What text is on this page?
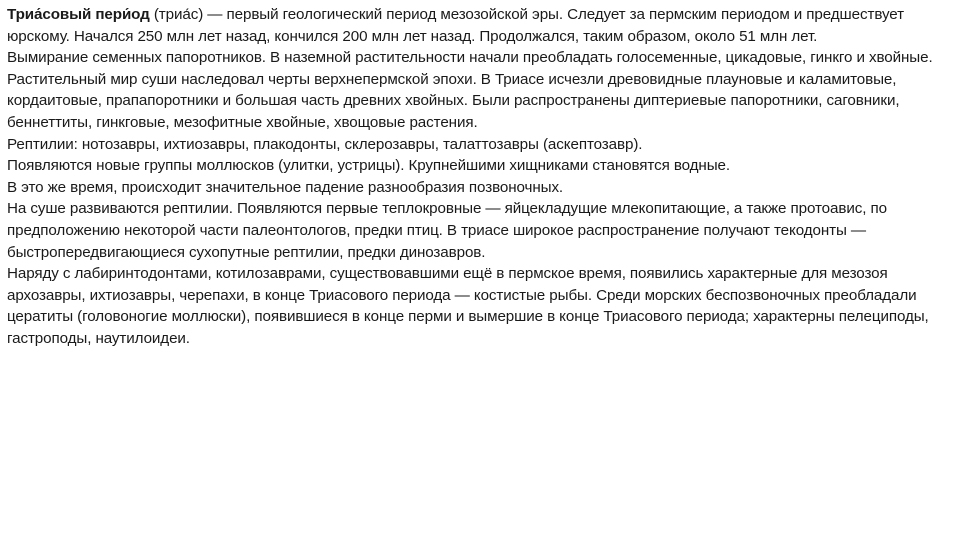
Триа́совый пери́од (триа́с) — первый геологический период мезозойской эры. Следует за пермским периодом и предшествует юрскому. Начался 250 млн лет назад, кончился 200 млн лет назад. Продолжался, таким образом, около 51 млн лет.

Вымирание семенных папоротников. В наземной растительности начали преобладать голосеменные, цикадовые, гинкго и хвойные.

Растительный мир суши наследовал черты верхнепермской эпохи. В Триасе исчезли древовидные плауновые и каламитовые, кордаитовые, прапапоротники и большая часть древних хвойных. Были распространены диптериевые папоротники, саговники, беннеттиты, гинкговые, мезофитные хвойные, хвощовые растения.

Рептилии: нотозавры, ихтиозавры, плакодонты, склерозавры, талаттозавры (аскептозавр).

Появляются новые группы моллюсков (улитки, устрицы). Крупнейшими хищниками становятся водные.

В это же время, происходит значительное падение разнообразия позвоночных.

На суше развиваются рептилии. Появляются первые теплокровные — яйцекладущие млекопитающие, а также протоавис, по предположению некоторой части палеонтологов, предки птиц. В триасе широкое распространение получают текодонты — быстропередвигающиеся сухопутные рептилии, предки динозавров.

Наряду с лабиринтодонтами, котилозаврами, существовавшими ещё в пермское время, появились характерные для мезозоя архозавры, ихтиозавры, черепахи, в конце Триасового периода — костистые рыбы. Среди морских беспозвоночных преобладали цератиты (головоногие моллюски), появившиеся в конце перми и вымершие в конце Триасового периода; характерны пелециподы, гастроподы, наутилоидеи.
